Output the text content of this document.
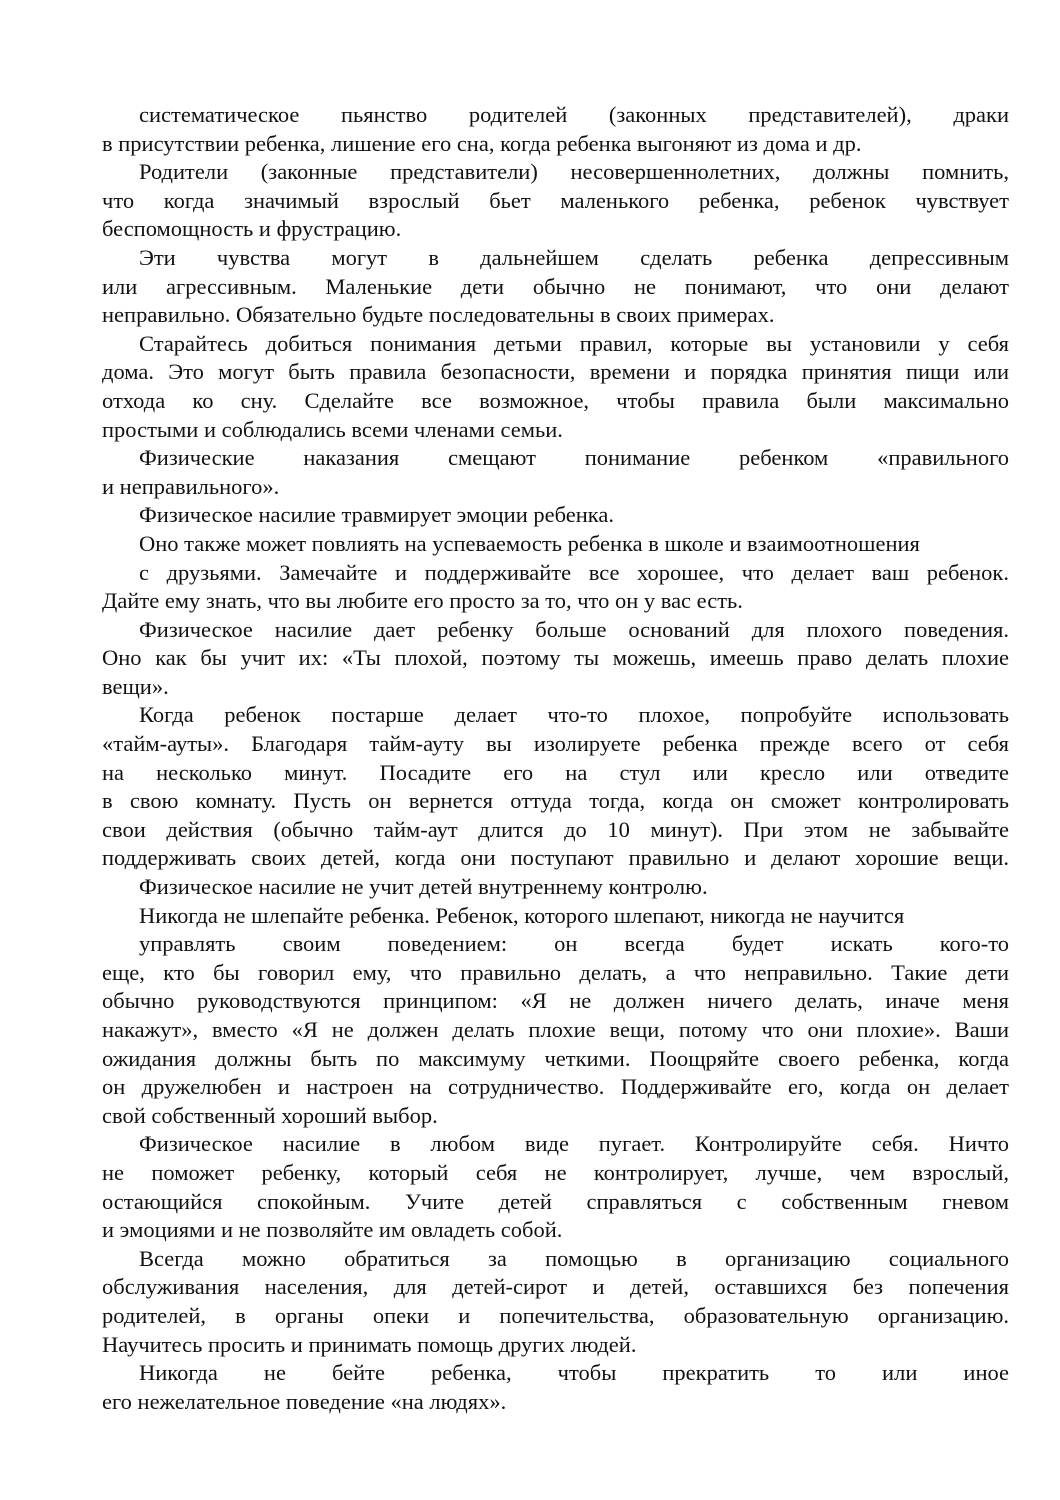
систематическое пьянство родителей (законных представителей), драки
в присутствии ребенка, лишение его сна, когда ребенка выгоняют из дома и др.
Родители (законные представители) несовершеннолетних, должны помнить,
что когда значимый взрослый бьет маленького ребенка, ребенок чувствует
беспомощность и фрустрацию.
Эти чувства могут в дальнейшем сделать ребенка депрессивным
или агрессивным. Маленькие дети обычно не понимают, что они делают
неправильно. Обязательно будьте последовательны в своих примерах.
Старайтесь добиться понимания детьми правил, которые вы установили у себя
дома. Это могут быть правила безопасности, времени и порядка принятия пищи или
отхода ко сну. Сделайте все возможное, чтобы правила были максимально
простыми и соблюдались всеми членами семьи.
Физические наказания смещают понимание ребенком «правильного
и неправильного».
Физическое насилие травмирует эмоции ребенка.
Оно также может повлиять на успеваемость ребенка в школе и взаимоотношения
с друзьями. Замечайте и поддерживайте все хорошее, что делает ваш ребенок.
Дайте ему знать, что вы любите его просто за то, что он у вас есть.
Физическое насилие дает ребенку больше оснований для плохого поведения.
Оно как бы учит их: «Ты плохой, поэтому ты можешь, имеешь право делать плохие
вещи».
Когда ребенок постарше делает что-то плохое, попробуйте использовать
«тайм-ауты». Благодаря тайм-ауту вы изолируете ребенка прежде всего от себя
на несколько минут. Посадите его на стул или кресло или отведите
в свою комнату. Пусть он вернется оттуда тогда, когда он сможет контролировать
свои действия (обычно тайм-аут длится до 10 минут). При этом не забывайте
поддерживать своих детей, когда они поступают правильно и делают хорошие вещи.
Физическое насилие не учит детей внутреннему контролю.
Никогда не шлепайте ребенка. Ребенок, которого шлепают, никогда не научится
управлять своим поведением: он всегда будет искать кого-то
еще, кто бы говорил ему, что правильно делать, а что неправильно. Такие дети
обычно руководствуются принципом: «Я не должен ничего делать, иначе меня
накажут», вместо «Я не должен делать плохие вещи, потому что они плохие». Ваши
ожидания должны быть по максимуму четкими. Поощряйте своего ребенка, когда
он дружелюбен и настроен на сотрудничество. Поддерживайте его, когда он делает
свой собственный хороший выбор.
Физическое насилие в любом виде пугает. Контролируйте себя. Ничто
не поможет ребенку, который себя не контролирует, лучше, чем взрослый,
остающийся спокойным. Учите детей справляться с собственным гневом
и эмоциями и не позволяйте им овладеть собой.
Всегда можно обратиться за помощью в организацию социального
обслуживания населения, для детей-сирот и детей, оставшихся без попечения
родителей, в органы опеки и попечительства, образовательную организацию.
Научитесь просить и принимать помощь других людей.
Никогда не бейте ребенка, чтобы прекратить то или иное
его нежелательное поведение «на людях».
